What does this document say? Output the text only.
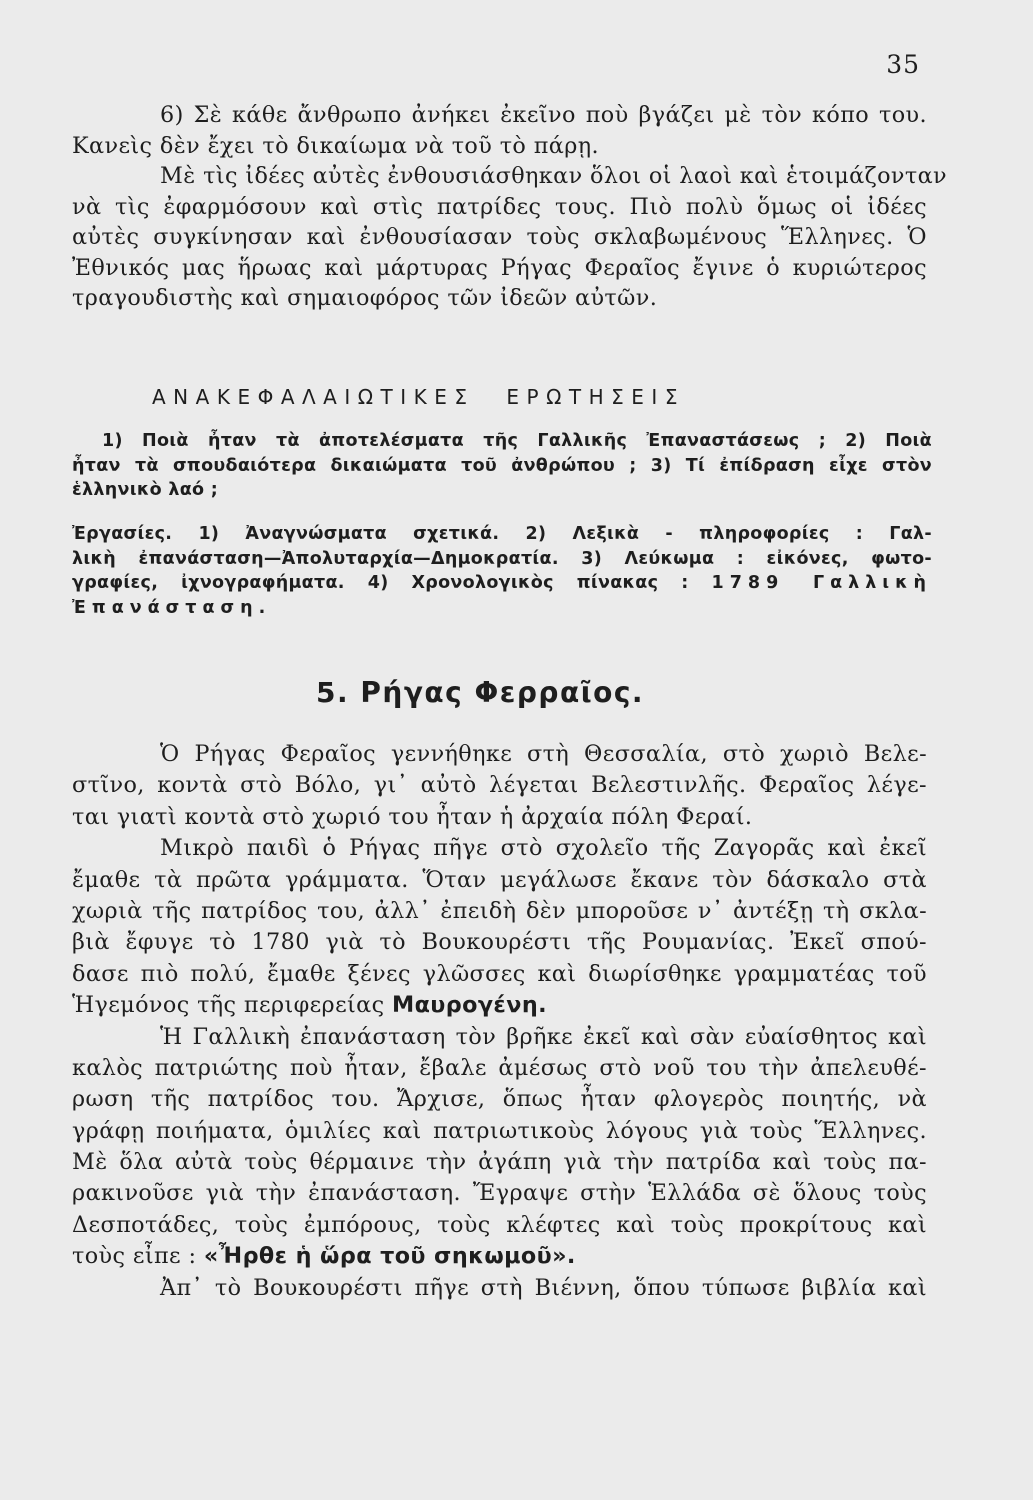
35
6) Σὲ κάθε ἄνθρωπο ἀνήκει ἐκεῖνο ποὺ βγάζει μὲ τὸν κόπο του.
Κανεὶς δὲν ἔχει τὸ δικαίωμα νὰ τοῦ τὸ πάρῃ.
Μὲ τὶς ἰδέες αὐτὲς ἐνθουσιάσθηκαν ὅλοι οἱ λαοὶ καὶ ἑτοιμάζονταν
νὰ τὶς ἐφαρμόσουν καὶ στὶς πατρίδες τους. Πιὸ πολὺ ὅμως οἱ ἰδέες
αὐτὲς συγκίνησαν καὶ ἐνθουσίασαν τοὺς σκλαβωμένους Ἕλληνες. Ὁ
Ἐθνικός μας ἥρωας καὶ μάρτυρας Ρήγας Φεραῖος ἔγινε ὁ κυριώτερος
τραγουδιστὴς καὶ σημαιοφόρος τῶν ἰδεῶν αὐτῶν.
ΑΝΑΚΕΦΑΛΑΙΩΤΙΚΕΣ ΕΡΩΤΗΣΕΙΣ
1) Ποιὰ ἦταν τὰ ἀποτελέσματα τῆς Γαλλικῆς Ἐπαναστάσεως ; 2) Ποιὰ
ἦταν τὰ σπουδαιότερα δικαιώματα τοῦ ἀνθρώπου ; 3) Τί ἐπίδραση εἶχε στὸν
ἑλληνικὸ λαό ;
Ἐργασίες. 1) Ἀναγνώσματα σχετικά. 2) Λεξικὰ - πληροφορίες : Γαλ-
λικὴ ἐπανάσταση—Ἀπολυταρχία—Δημοκρατία. 3) Λεύκωμα : εἰκόνες, φωτο-
γραφίες, ἰχνογραφήματα. 4) Χρονολογικὸς πίνακας : 1789 Γαλλικὴ
Ἐπανάσταση.
5. Ρήγας Φερραῖος.
Ὁ Ρήγας Φεραῖος γεννήθηκε στὴ Θεσσαλία, στὸ χωριὸ Βελε-
στῖνο, κοντὰ στὸ Βόλο, γι᾿ αὐτὸ λέγεται Βελεστινλῆς. Φεραῖος λέγε-
ται γιατὶ κοντὰ στὸ χωριό του ἦταν ἡ ἀρχαία πόλη Φεραί.
Μικρὸ παιδὶ ὁ Ρήγας πῆγε στὸ σχολεῖο τῆς Ζαγορᾶς καὶ ἐκεῖ
ἔμαθε τὰ πρῶτα γράμματα. Ὅταν μεγάλωσε ἔκανε τὸν δάσκαλο στὰ
χωριὰ τῆς πατρίδος του, ἀλλ᾿ ἐπειδὴ δὲν μποροῦσε ν᾿ ἀντέξῃ τὴ σκλα-
βιὰ ἔφυγε τὸ 1780 γιὰ τὸ Βουκουρέστι τῆς Ρουμανίας. Ἐκεῖ σπού-
δασε πιὸ πολύ, ἔμαθε ξένες γλῶσσες καὶ διωρίσθηκε γραμματέας τοῦ
Ἡγεμόνος τῆς περιφερείας Μαυρογένη.
Ἡ Γαλλικὴ ἐπανάσταση τὸν βρῆκε ἐκεῖ καὶ σὰν εὐαίσθητος καὶ
καλὸς πατριώτης ποὺ ἦταν, ἔβαλε ἀμέσως στὸ νοῦ του τὴν ἀπελευθέ-
ρωση τῆς πατρίδος του. Ἄρχισε, ὅπως ἦταν φλογερὸς ποιητής, νὰ
γράφῃ ποιήματα, ὁμιλίες καὶ πατριωτικοὺς λόγους γιὰ τοὺς Ἕλληνες.
Μὲ ὅλα αὐτὰ τοὺς θέρμαινε τὴν ἀγάπη γιὰ τὴν πατρίδα καὶ τοὺς πα-
ρακινοῦσε γιὰ τὴν ἐπανάσταση. Ἔγραψε στὴν Ἑλλάδα σὲ ὅλους τοὺς
Δεσποτάδες, τοὺς ἐμπόρους, τοὺς κλέφτες καὶ τοὺς προκρίτους καὶ
τοὺς εἶπε : «Ἦρθε ἡ ὥρα τοῦ σηκωμοῦ».
Ἀπ᾿ τὸ Βουκουρέστι πῆγε στὴ Βιέννη, ὅπου τύπωσε βιβλία καὶ
